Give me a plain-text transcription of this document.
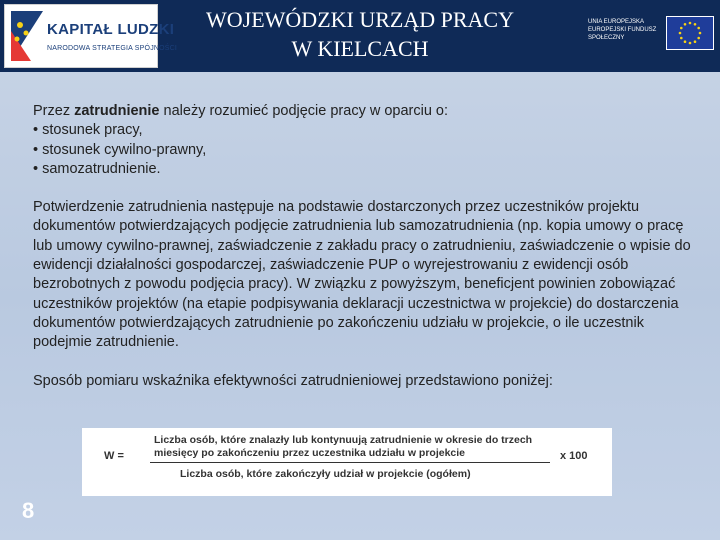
KAPITAŁ LUDZKI
NARODOWA STRATEGIA SPÓJNOŚCI
WOJEWÓDZKI URZĄD PRACY
W KIELCACH
UNIA EUROPEJSKA EUROPEJSKI FUNDUSZ SPOŁECZNY
Przez zatrudnienie należy rozumieć podjęcie pracy w oparciu o:
• stosunek pracy,
• stosunek cywilno-prawny,
• samozatrudnienie.
Potwierdzenie zatrudnienia następuje na podstawie dostarczonych przez uczestników projektu dokumentów potwierdzających podjęcie zatrudnienia lub samozatrudnienia (np. kopia umowy o pracę lub umowy cywilno-prawnej, zaświadczenie z zakładu pracy o zatrudnieniu, zaświadczenie o wpisie do ewidencji działalności gospodarczej, zaświadczenie PUP o wyrejestrowaniu z ewidencji osób bezrobotnych z powodu podjęcia pracy). W związku z powyższym, beneficjent powinien zobowiązać uczestników projektów (na etapie podpisywania deklaracji uczestnictwa w projekcie) do dostarczenia dokumentów potwierdzających zatrudnienie po zakończeniu udziału w projekcie, o ile uczestnik podejmie zatrudnienie.
Sposób pomiaru wskaźnika efektywności zatrudnieniowej przedstawiono poniżej:
W =
Liczba osób, które znalazły lub kontynuują zatrudnienie w okresie do trzech miesięcy po zakończeniu przez uczestnika udziału w projekcie
Liczba osób, które zakończyły udział w projekcie (ogółem)
x 100
8
